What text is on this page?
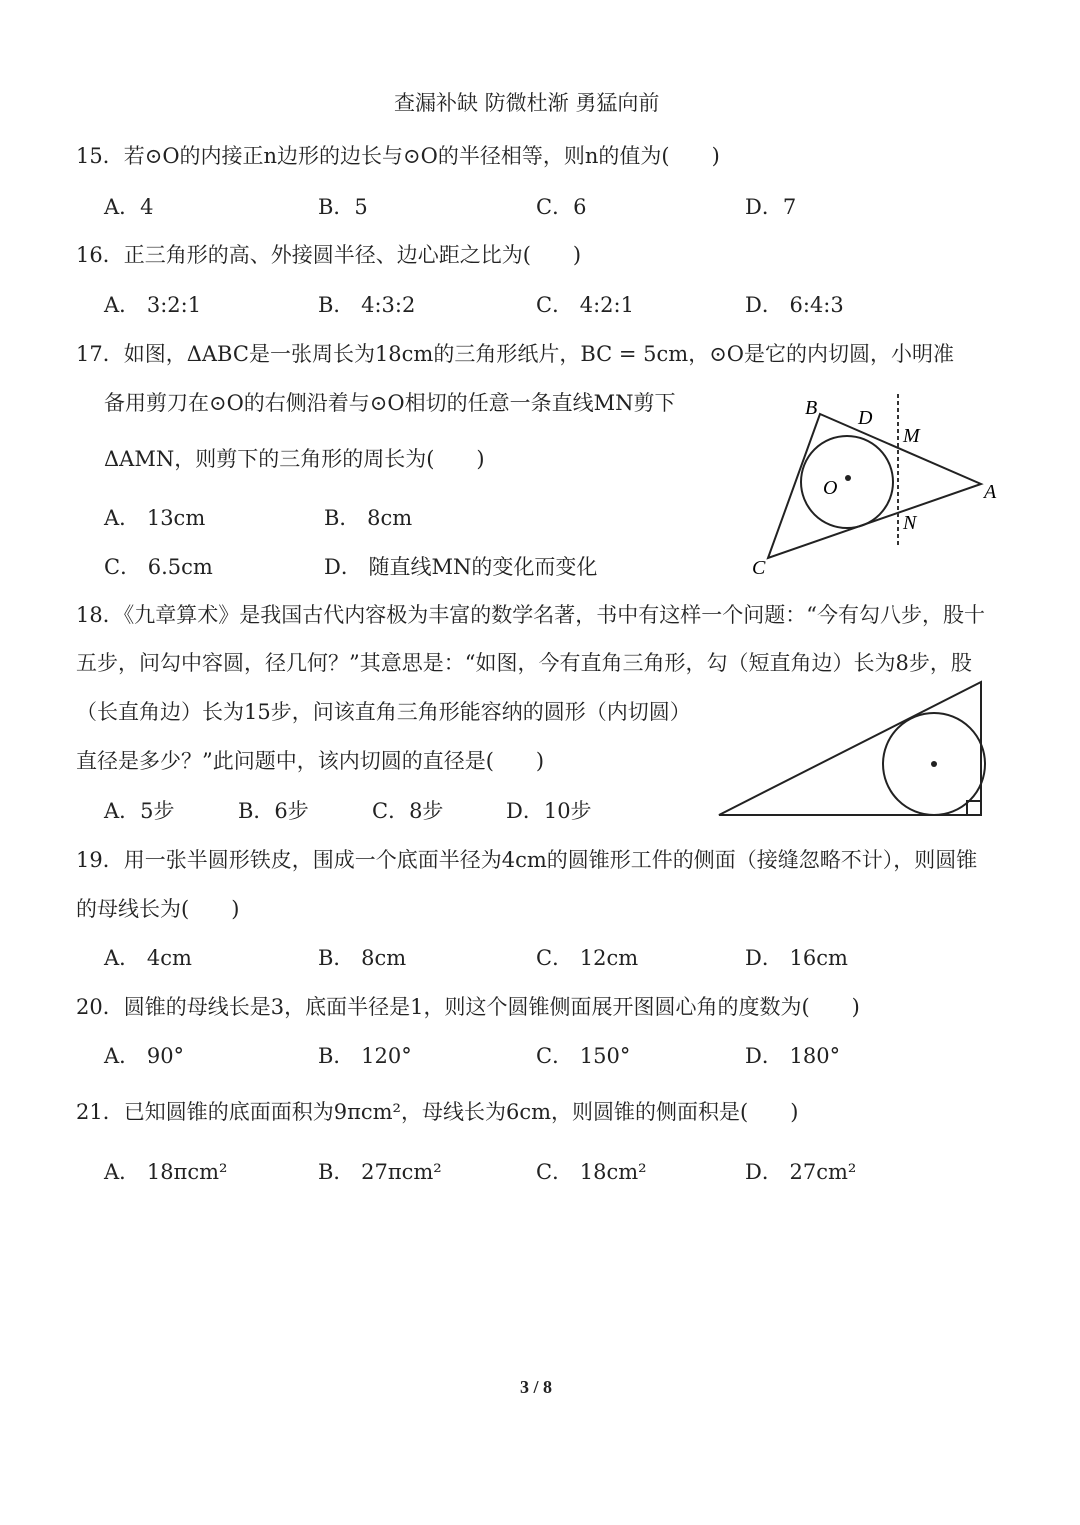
查漏补缺 防微杜渐 勇猛向前
15．若⊙O的内接正n边形的边长与⊙O的半径相等，则n的值为(　　)
A．4	B．5	C．6	D．7
16．正三角形的高、外接圆半径、边心距之比为(　　)
A． 3:2:1	B． 4:3:2	C． 4:2:1	D． 6:4:3
17．如图，ΔABC是一张周长为18cm的三角形纸片，BC = 5cm，⊙O是它的内切圆，小明准
备用剪刀在⊙O的右侧沿着与⊙O相切的任意一条直线MN剪下
ΔAMN，则剪下的三角形的周长为(　　)
A． 13cm	B． 8cm
C． 6.5cm	D． 随直线MN的变化而变化
B D
M
O	A
N
C
18．《九章算术》是我国古代内容极为丰富的数学名著，书中有这样一个问题：“今有勾八步，股十
五步，问勾中容圆，径几何？”其意思是：“如图，今有直角三角形，勾（短直角边）长为8步，股
（长直角边）长为15步，问该直角三角形能容纳的圆形（内切圆）
直径是多少？”此问题中，该内切圆的直径是(　　)
A．5步	B．6步	C．8步	D．10步
19．用一张半圆形铁皮，围成一个底面半径为4cm的圆锥形工件的侧面（接缝忽略不计），则圆锥
的母线长为(　　)
A． 4cm	B． 8cm	C． 12cm	D． 16cm
20．圆锥的母线长是3，底面半径是1，则这个圆锥侧面展开图圆心角的度数为(　　)
A． 90°	B． 120°	C． 150°	D． 180°
21．已知圆锥的底面面积为9πcm²，母线长为6cm，则圆锥的侧面积是(　　)
A． 18πcm²	B． 27πcm²	C． 18cm²	D． 27cm²
3 / 8
